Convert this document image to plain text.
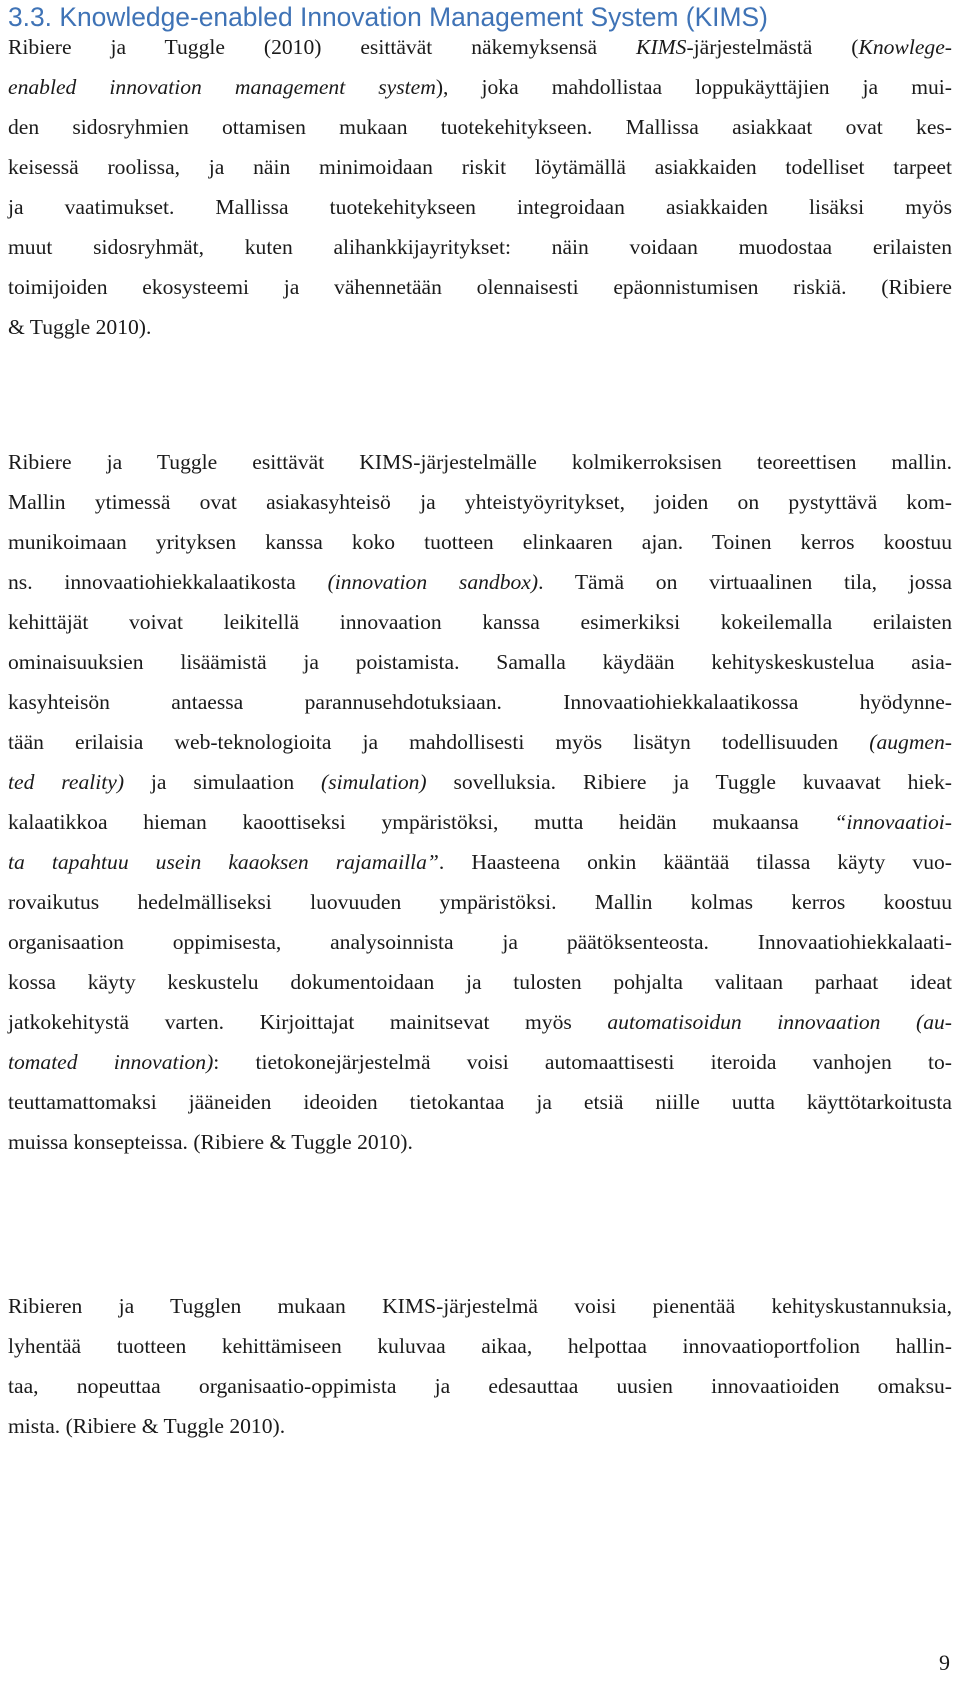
3.3. Knowledge-enabled Innovation Management System (KIMS)
Ribiere ja Tuggle (2010) esittävät näkemyksensä KIMS-järjestelmästä (Knowlege-
enabled innovation management system), joka mahdollistaa loppukäyttäjien ja mui-
den sidosryhmien ottamisen mukaan tuotekehitykseen. Mallissa asiakkaat ovat kes-
keisessä roolissa, ja näin minimoidaan riskit löytämällä asiakkaiden todelliset tarpeet
ja vaatimukset. Mallissa tuotekehitykseen integroidaan asiakkaiden lisäksi myös
muut sidosryhmät, kuten alihankkijayritykset: näin voidaan muodostaa erilaisten
toimijoiden ekosysteemi ja vähennetään olennaisesti epäonnistumisen riskiä. (Ribiere
& Tuggle 2010).
Ribiere ja Tuggle esittävät KIMS-järjestelmälle kolmikerroksisen teoreettisen mallin.
Mallin ytimessä ovat asiakasyhteisö ja yhteistyöyritykset, joiden on pystyttävä kom-
munikoimaan yrityksen kanssa koko tuotteen elinkaaren ajan. Toinen kerros koostuu
ns. innovaatiohiekkalaatikosta (innovation sandbox). Tämä on virtuaalinen tila, jossa
kehittäjät voivat leikitellä innovaation kanssa esimerkiksi kokeilemalla erilaisten
ominaisuuksien lisäämistä ja poistamista. Samalla käydään kehityskeskustelua asia-
kasyhteisön antaessa parannusehdotuksiaan. Innovaatiohiekkalaatikossa hyödynne-
tään erilaisia web-teknologioita ja mahdollisesti myös lisätyn todellisuuden (augmen-
ted reality) ja simulaation (simulation) sovelluksia. Ribiere ja Tuggle kuvaavat hiek-
kalaatikkoa hieman kaoottiseksi ympäristöksi, mutta heidän mukaansa “innovaatioi-
ta tapahtuu usein kaaoksen rajamailla”. Haasteena onkin kääntää tilassa käyty vuo-
rovaikutus hedelmälliseksi luovuuden ympäristöksi. Mallin kolmas kerros koostuu
organisaation oppimisesta, analysoinnista ja päätöksenteosta. Innovaatiohiekkalaati-
kossa käyty keskustelu dokumentoidaan ja tulosten pohjalta valitaan parhaat ideat
jatkokehitystä varten. Kirjoittajat mainitsevat myös automatisoidun innovaation (au-
tomated innovation): tietokonejärjestelmä voisi automaattisesti iteroida vanhojen to-
teuttamattomaksi jääneiden ideoiden tietokantaa ja etsiä niille uutta käyttötarkoitusta
muissa konsepteissa. (Ribiere & Tuggle 2010).
Ribieren ja Tugglen mukaan KIMS-järjestelmä voisi pienentää kehityskustannuksia,
lyhentää tuotteen kehittämiseen kuluvaa aikaa, helpottaa innovaatioportfolion hallin-
taa, nopeuttaa organisaatio-oppimista ja edesauttaa uusien innovaatioiden omaksu-
mista. (Ribiere & Tuggle 2010).
9
